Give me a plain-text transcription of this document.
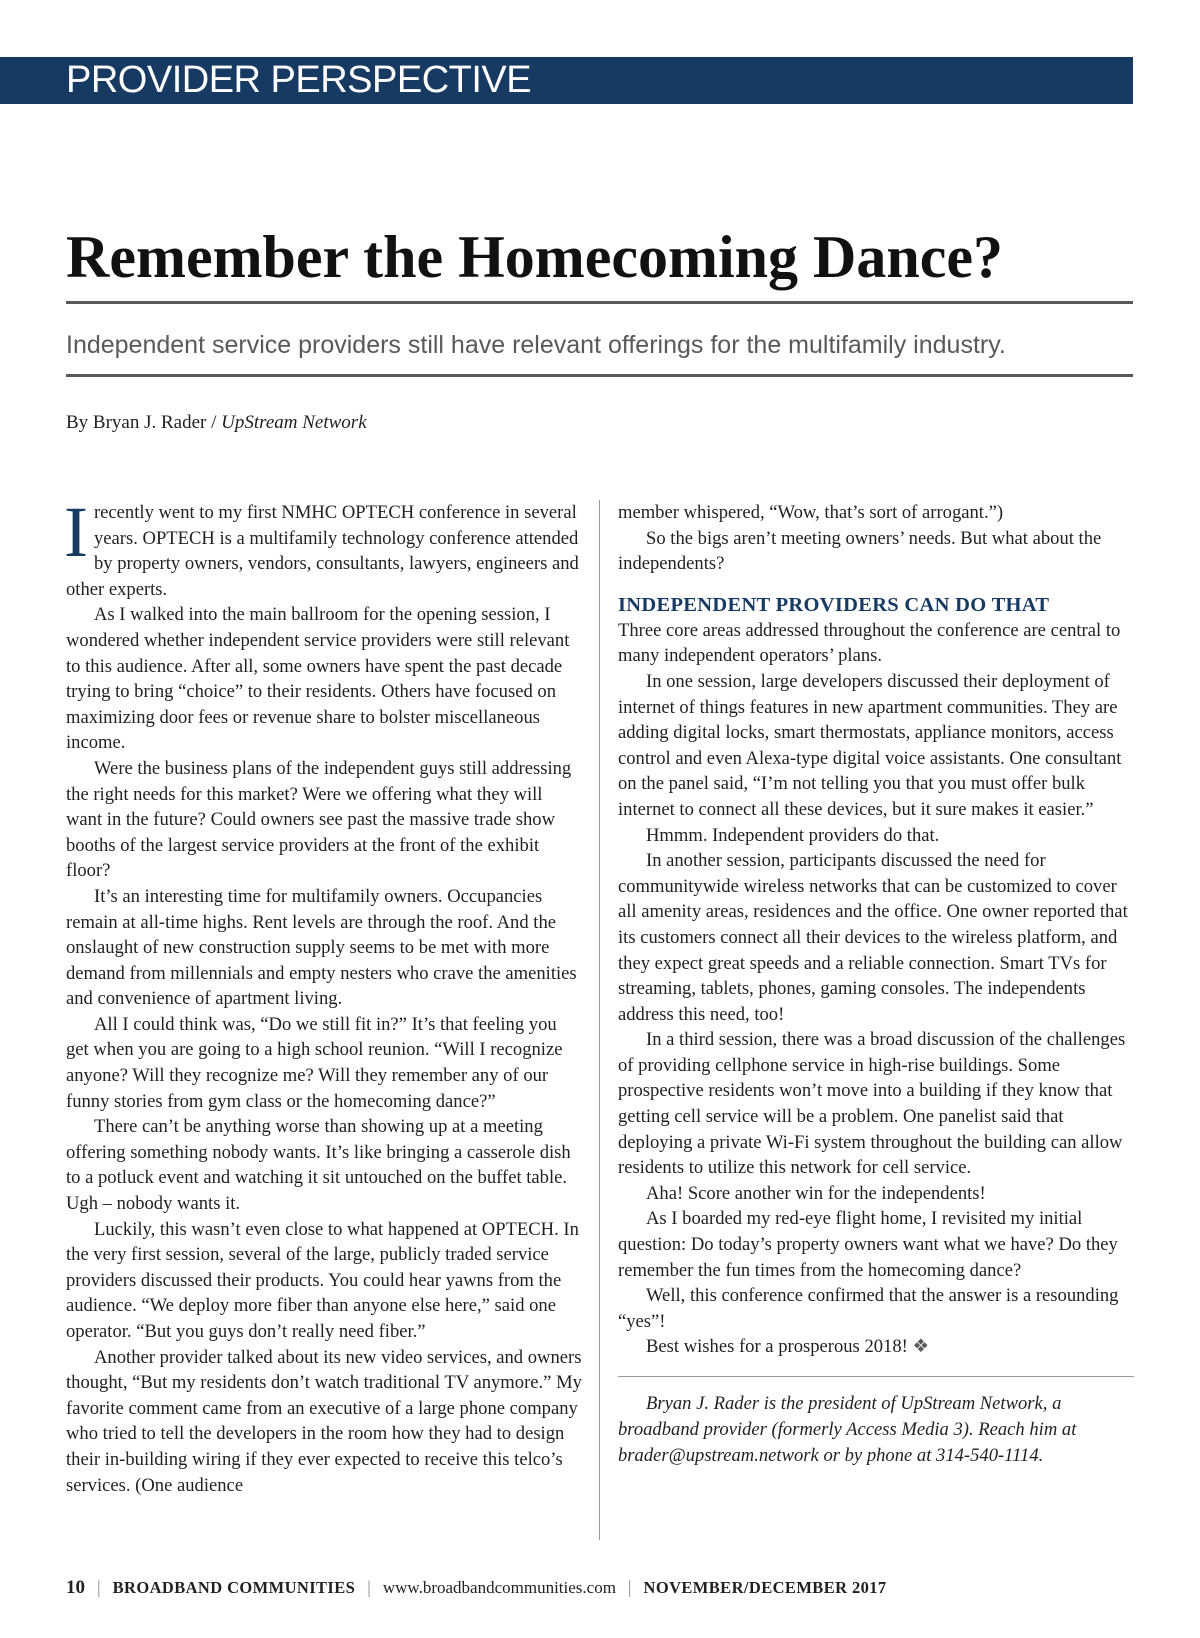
PROVIDER PERSPECTIVE
Remember the Homecoming Dance?
Independent service providers still have relevant offerings for the multifamily industry.
By Bryan J. Rader / UpStream Network

Irecently went to my first NMHC OPTECH conference in several years. OPTECH is a multifamily technology conference attended by property owners, vendors, consultants, lawyers, engineers and other experts.

As I walked into the main ballroom for the opening session, I wondered whether independent service providers were still relevant to this audience. After all, some owners have spent the past decade trying to bring “choice” to their residents. Others have focused on maximizing door fees or revenue share to bolster miscellaneous income.

Were the business plans of the independent guys still addressing the right needs for this market? Were we offering what they will want in the future? Could owners see past the massive trade show booths of the largest service providers at the front of the exhibit floor?

It’s an interesting time for multifamily owners. Occupancies remain at all-time highs. Rent levels are through the roof. And the onslaught of new construction supply seems to be met with more demand from millennials and empty nesters who crave the amenities and convenience of apartment living.

All I could think was, “Do we still fit in?” It’s that feeling you get when you are going to a high school reunion. “Will I recognize anyone? Will they recognize me? Will they remember any of our funny stories from gym class or the homecoming dance?”

There can’t be anything worse than showing up at a meeting offering something nobody wants. It’s like bringing a casserole dish to a potluck event and watching it sit untouched on the buffet table. Ugh – nobody wants it.

Luckily, this wasn’t even close to what happened at OPTECH. In the very first session, several of the large, publicly traded service providers discussed their products. You could hear yawns from the audience. “We deploy more fiber than anyone else here,” said one operator. “But you guys don’t really need fiber.”

Another provider talked about its new video services, and owners thought, “But my residents don’t watch traditional TV anymore.” My favorite comment came from an executive of a large phone company who tried to tell the developers in the room how they had to design their in-building wiring if they ever expected to receive this telco’s services. (One audience

member whispered, “Wow, that’s sort of arrogant.”)

So the bigs aren’t meeting owners’ needs. But what about the independents?

INDEPENDENT PROVIDERS CAN DO THAT

Three core areas addressed throughout the conference are central to many independent operators’ plans.

In one session, large developers discussed their deployment of internet of things features in new apartment communities. They are adding digital locks, smart thermostats, appliance monitors, access control and even Alexa-type digital voice assistants. One consultant on the panel said, “I’m not telling you that you must offer bulk internet to connect all these devices, but it sure makes it easier.”

Hmmm. Independent providers do that.

In another session, participants discussed the need for communitywide wireless networks that can be customized to cover all amenity areas, residences and the office. One owner reported that its customers connect all their devices to the wireless platform, and they expect great speeds and a reliable connection. Smart TVs for streaming, tablets, phones, gaming consoles. The independents address this need, too!

In a third session, there was a broad discussion of the challenges of providing cellphone service in high-rise buildings. Some prospective residents won’t move into a building if they know that getting cell service will be a problem. One panelist said that deploying a private Wi-Fi system throughout the building can allow residents to utilize this network for cell service.

Aha! Score another win for the independents!

As I boarded my red-eye flight home, I revisited my initial question: Do today’s property owners want what we have? Do they remember the fun times from the homecoming dance?

Well, this conference confirmed that the answer is a resounding “yes”!

Best wishes for a prosperous 2018! ❖

Bryan J. Rader is the president of UpStream Network, a broadband provider (formerly Access Media 3). Reach him at brader@upstream.network or by phone at 314-540-1114.

10 | BROADBAND COMMUNITIES | www.broadbandcommunities.com | NOVEMBER/DECEMBER 2017
